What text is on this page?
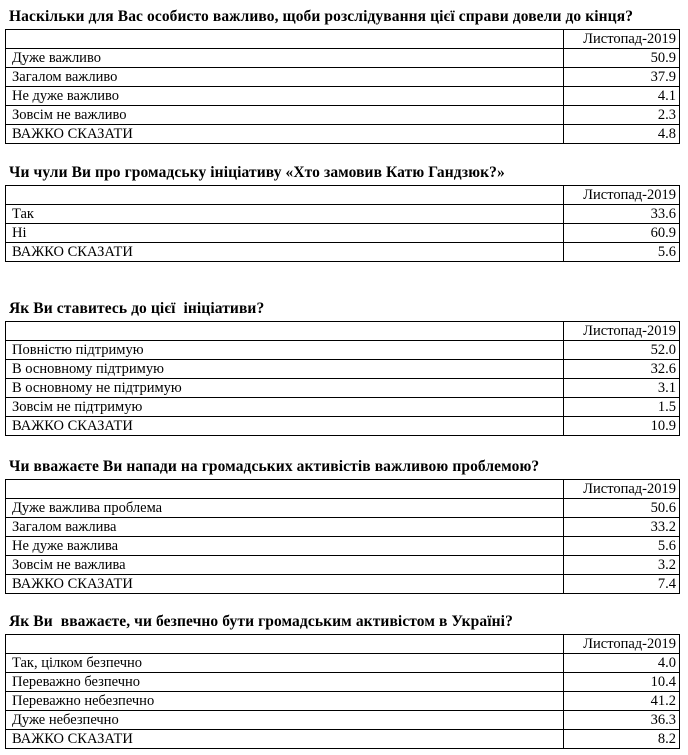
Наскільки для Вас особисто важливо, щоби розслідування цієї справи довели до кінця?
	Листопад-2019
Дуже важливо	50.9
Загалом важливо	37.9
Не дуже важливо	4.1
Зовсім не важливо	2.3
ВАЖКО СКАЗАТИ	4.8
Чи чули Ви про громадську ініціативу «Хто замовив Катю Гандзюк?»
	Листопад-2019
Так	33.6
Ні	60.9
ВАЖКО СКАЗАТИ	5.6
Як Ви ставитесь до цієї  ініціативи?
	Листопад-2019
Повністю підтримую	52.0
В основному підтримую	32.6
В основному не підтримую	3.1
Зовсім не підтримую	1.5
ВАЖКО СКАЗАТИ	10.9
Чи вважаєте Ви напади на громадських активістів важливою проблемою?
	Листопад-2019
Дуже важлива проблема	50.6
Загалом важлива	33.2
Не дуже важлива	5.6
Зовсім не важлива	3.2
ВАЖКО СКАЗАТИ	7.4
Як Ви  вважаєте, чи безпечно бути громадським активістом в Україні?
	Листопад-2019
Так, цілком безпечно	4.0
Переважно безпечно	10.4
Переважно небезпечно	41.2
Дуже небезпечно	36.3
ВАЖКО СКАЗАТИ	8.2
